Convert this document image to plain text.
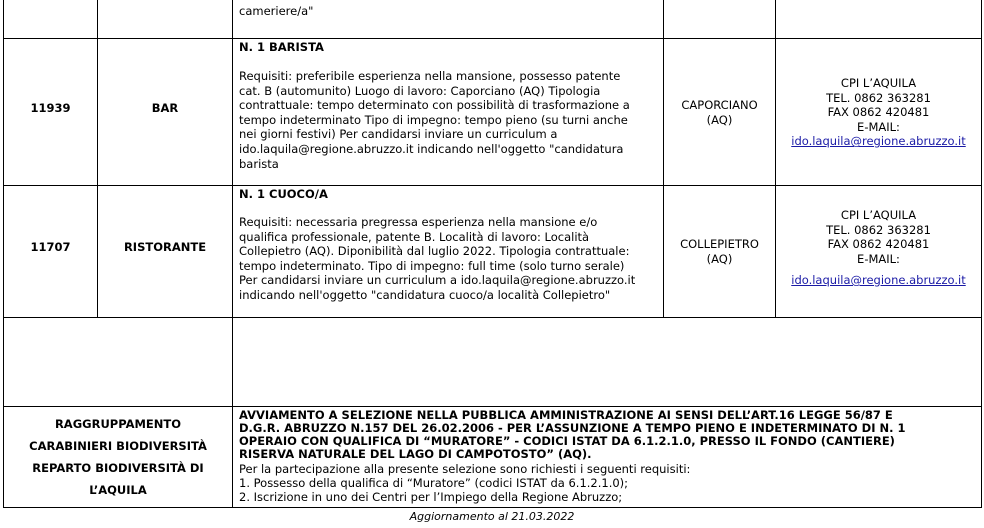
cameriere/a"
11939	BAR
N. 1 BARISTA
Requisiti: preferibile esperienza nella mansione, possesso patente
cat. B (automunito) Luogo di lavoro: Caporciano (AQ) Tipologia
contrattuale: tempo determinato con possibilità di trasformazione a
tempo indeterminato Tipo di impegno: tempo pieno (su turni anche
nei giorni festivi) Per candidarsi inviare un curriculum a
ido.laquila@regione.abruzzo.it indicando nell'oggetto "candidatura
barista
CAPORCIANO
(AQ)
CPI L’AQUILA
TEL. 0862 363281
FAX 0862 420481
E-MAIL:
ido.laquila@regione.abruzzo.it
11707	RISTORANTE
N. 1 CUOCO/A
Requisiti: necessaria pregressa esperienza nella mansione e/o
qualifica professionale, patente B. Località di lavoro: Località
Collepietro (AQ). Diponibilità dal luglio 2022. Tipologia contrattuale:
tempo indeterminato. Tipo di impegno: full time (solo turno serale)
Per candidarsi inviare un curriculum a ido.laquila@regione.abruzzo.it
indicando nell'oggetto "candidatura cuoco/a località Collepietro"
COLLEPIETRO
(AQ)
CPI L’AQUILA
TEL. 0862 363281
FAX 0862 420481
E-MAIL:
ido.laquila@regione.abruzzo.it
RAGGRUPPAMENTO
CARABINIERI BIODIVERSITÀ
REPARTO BIODIVERSITÀ DI
L’AQUILA
AVVIAMENTO A SELEZIONE NELLA PUBBLICA AMMINISTRAZIONE AI SENSI DELL’ART.16 LEGGE 56/87 E
D.G.R. ABRUZZO N.157 DEL 26.02.2006 - PER L’ASSUNZIONE A TEMPO PIENO E INDETERMINATO DI N. 1
OPERAIO CON QUALIFICA DI “MURATORE” - CODICI ISTAT DA 6.1.2.1.0, PRESSO IL FONDO (CANTIERE)
RISERVA NATURALE DEL LAGO DI CAMPOTOSTO” (AQ).
Per la partecipazione alla presente selezione sono richiesti i seguenti requisiti:
1. Possesso della qualifica di “Muratore” (codici ISTAT da 6.1.2.1.0);
2. Iscrizione in uno dei Centri per l’Impiego della Regione Abruzzo;
Aggiornamento al 21.03.2022
